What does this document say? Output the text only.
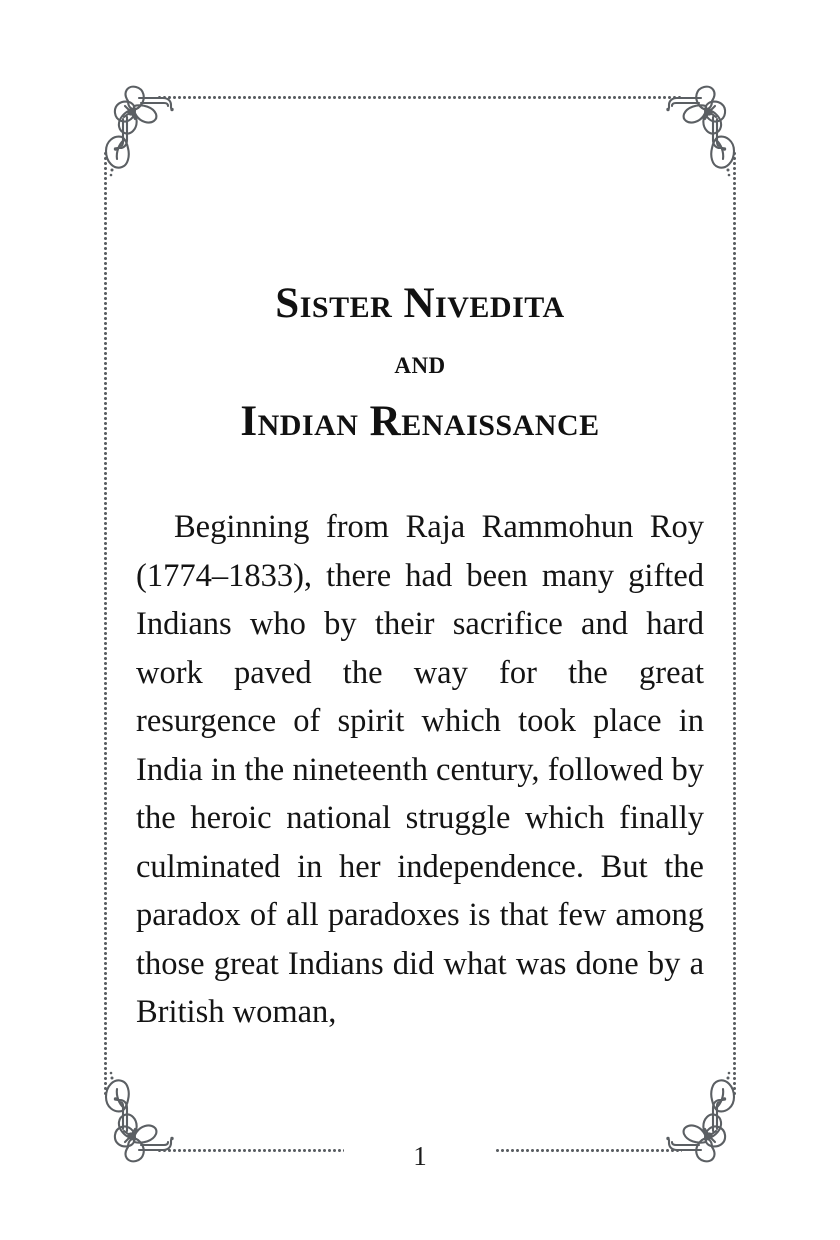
1
Sister Nivedita
and
Indian Renaissance

Beginning from Raja Rammohun Roy (1774–1833), there had been many gifted Indians who by their sacrifice and hard work paved the way for the great resurgence of spirit which took place in India in the nineteenth century, followed by the heroic national struggle which finally culminated in her independence. But the paradox of all paradoxes is that few among those great Indians did what was done by a British woman,
